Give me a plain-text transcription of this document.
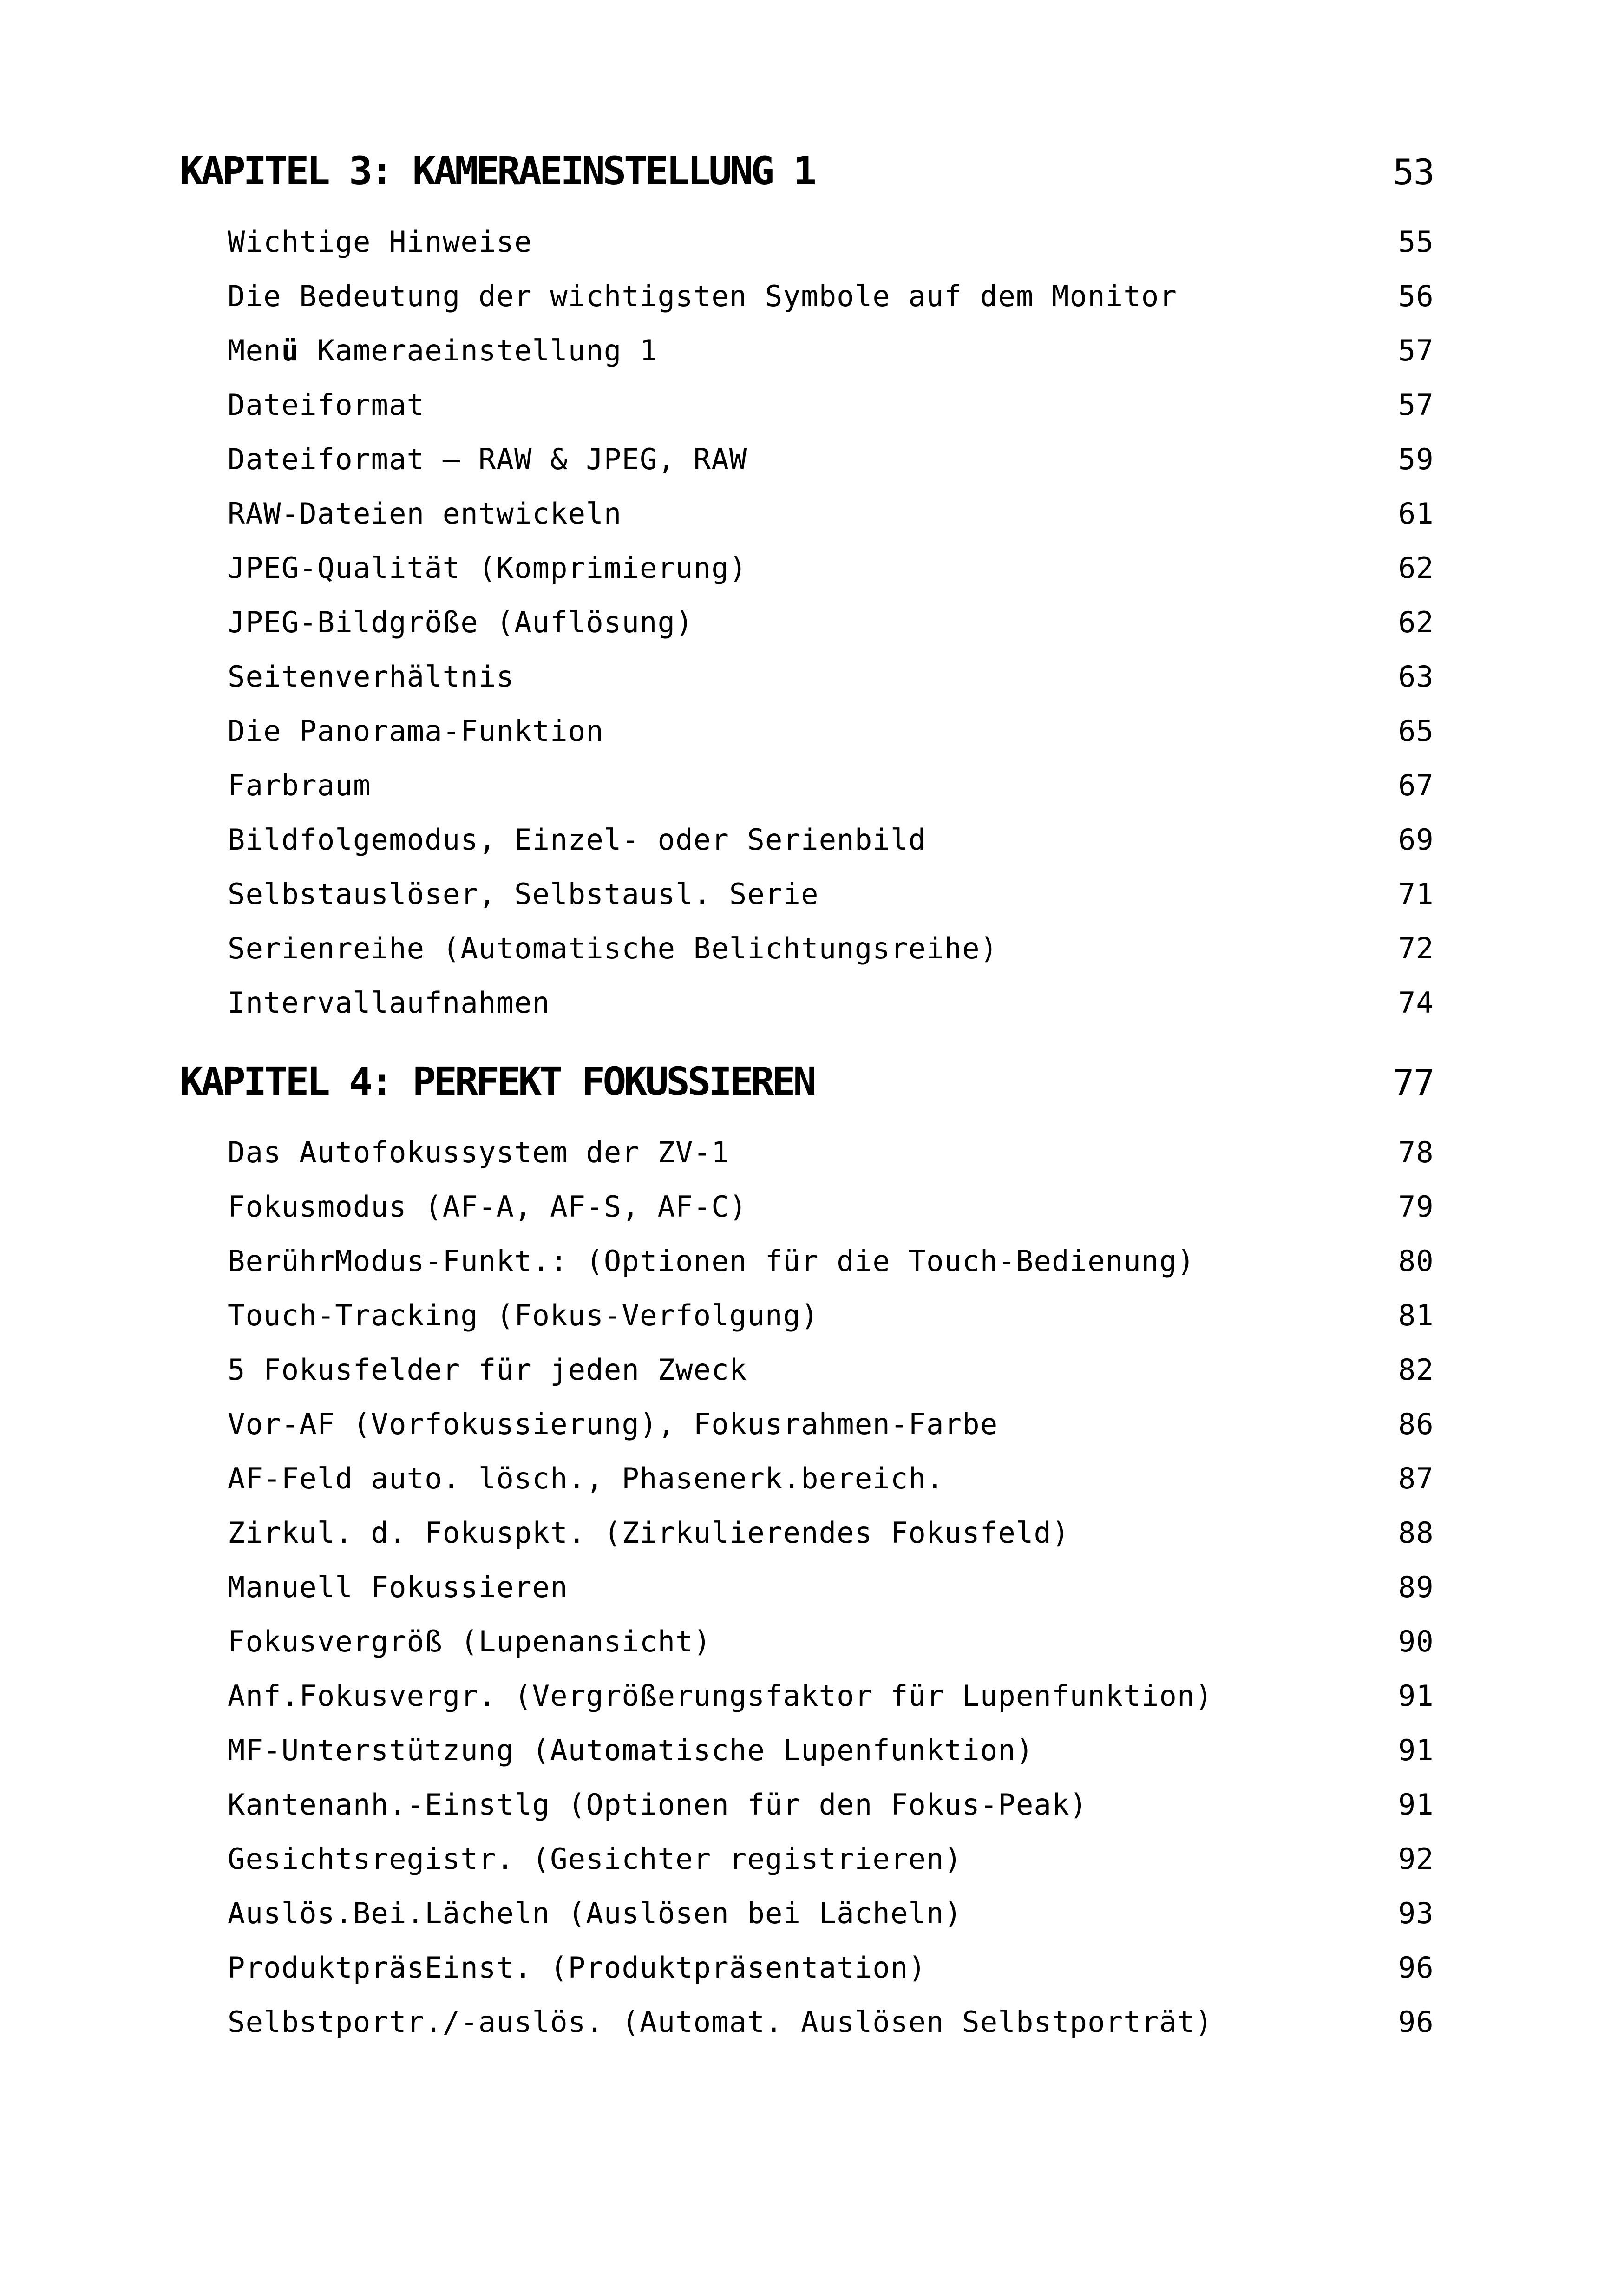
KAPITEL 3: KAMERAEINSTELLUNG 1	53
Wichtige Hinweise	55
Die Bedeutung der wichtigsten Symbole auf dem Monitor	56
Menü Kameraeinstellung 1	57
Dateiformat	57
Dateiformat – RAW & JPEG, RAW	59
RAW-Dateien entwickeln	61
JPEG-Qualität (Komprimierung)	62
JPEG-Bildgröße (Auflösung)	62
Seitenverhältnis	63
Die Panorama-Funktion	65
Farbraum	67
Bildfolgemodus, Einzel- oder Serienbild	69
Selbstauslöser, Selbstausl. Serie	71
Serienreihe (Automatische Belichtungsreihe)	72
Intervallaufnahmen	74
KAPITEL 4: PERFEKT FOKUSSIEREN	77
Das Autofokussystem der ZV-1	78
Fokusmodus (AF-A, AF-S, AF-C)	79
BerührModus-Funkt.: (Optionen für die Touch-Bedienung)	80
Touch-Tracking (Fokus-Verfolgung)	81
5 Fokusfelder für jeden Zweck	82
Vor-AF (Vorfokussierung), Fokusrahmen-Farbe	86
AF-Feld auto. lösch., Phasenerk.bereich.	87
Zirkul. d. Fokuspkt. (Zirkulierendes Fokusfeld)	88
Manuell Fokussieren	89
Fokusvergröß (Lupenansicht)	90
Anf.Fokusvergr. (Vergrößerungsfaktor für Lupenfunktion)	91
MF-Unterstützung (Automatische Lupenfunktion)	91
Kantenanh.-Einstlg (Optionen für den Fokus-Peak)	91
Gesichtsregistr. (Gesichter registrieren)	92
Auslös.Bei.Lächeln (Auslösen bei Lächeln)	93
ProduktpräsEinst. (Produktpräsentation)	96
Selbstportr./-auslös. (Automat. Auslösen Selbstporträt)	96
